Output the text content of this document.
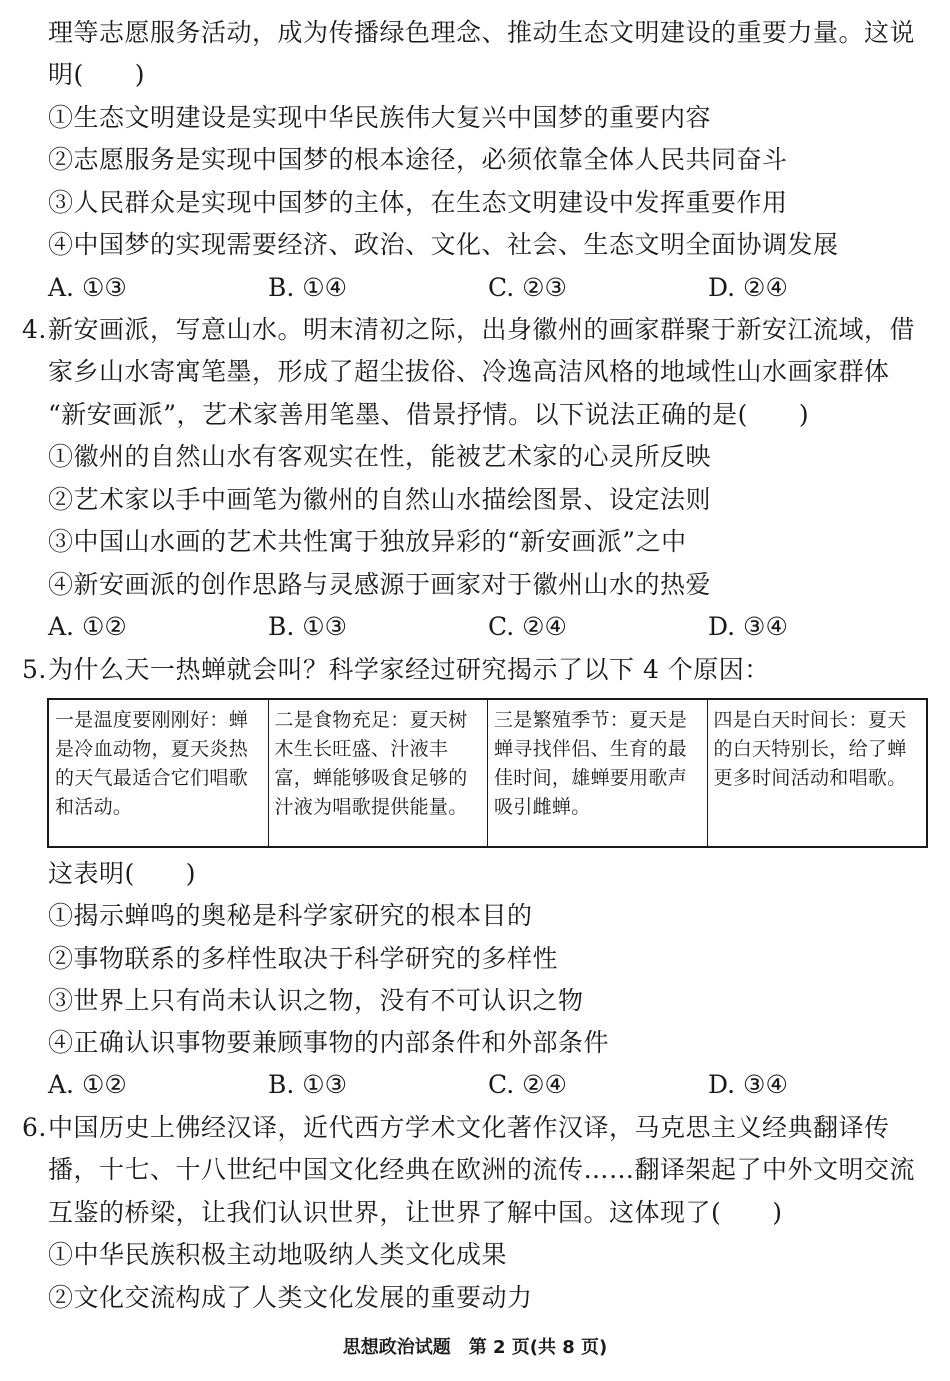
理等志愿服务活动，成为传播绿色理念、推动生态文明建设的重要力量。这说
明(　　)
①生态文明建设是实现中华民族伟大复兴中国梦的重要内容
②志愿服务是实现中国梦的根本途径，必须依靠全体人民共同奋斗
③人民群众是实现中国梦的主体，在生态文明建设中发挥重要作用
④中国梦的实现需要经济、政治、文化、社会、生态文明全面协调发展
A. ①③	B. ①④	C. ②③	D. ②④
4. 新安画派，写意山水。明末清初之际，出身徽州的画家群聚于新安江流域，借
家乡山水寄寓笔墨，形成了超尘拔俗、冷逸高洁风格的地域性山水画家群体
“新安画派”，艺术家善用笔墨、借景抒情。以下说法正确的是(　　)
①徽州的自然山水有客观实在性，能被艺术家的心灵所反映
②艺术家以手中画笔为徽州的自然山水描绘图景、设定法则
③中国山水画的艺术共性寓于独放异彩的“新安画派”之中
④新安画派的创作思路与灵感源于画家对于徽州山水的热爱
A. ①②	B. ①③	C. ②④	D. ③④
5. 为什么天一热蝉就会叫？科学家经过研究揭示了以下 4 个原因：
一是温度要刚刚好：蝉是冷血动物，夏天炎热的天气最适合它们唱歌和活动。
二是食物充足：夏天树木生长旺盛、汁液丰富，蝉能够吸食足够的汁液为唱歌提供能量。
三是繁殖季节：夏天是蝉寻找伴侣、生育的最佳时间，雄蝉要用歌声吸引雌蝉。
四是白天时间长：夏天的白天特别长，给了蝉更多时间活动和唱歌。
这表明(　　)
①揭示蝉鸣的奥秘是科学家研究的根本目的
②事物联系的多样性取决于科学研究的多样性
③世界上只有尚未认识之物，没有不可认识之物
④正确认识事物要兼顾事物的内部条件和外部条件
A. ①②	B. ①③	C. ②④	D. ③④
6. 中国历史上佛经汉译，近代西方学术文化著作汉译，马克思主义经典翻译传
播，十七、十八世纪中国文化经典在欧洲的流传……翻译架起了中外文明交流
互鉴的桥梁，让我们认识世界，让世界了解中国。这体现了(　　)
①中华民族积极主动地吸纳人类文化成果
②文化交流构成了人类文化发展的重要动力
思想政治试题　第 2 页(共 8 页)
